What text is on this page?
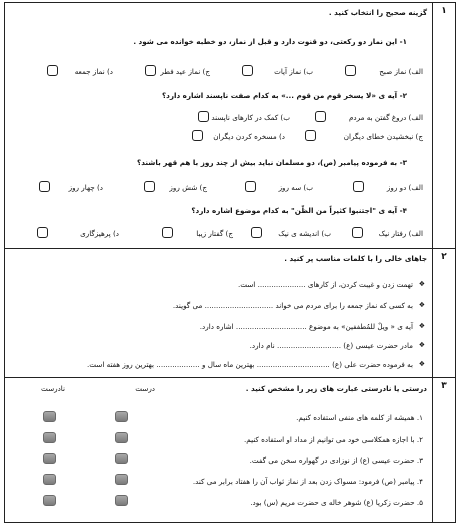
۱
۲
۳
گزینه صحیح را انتخاب کنید .
۱- این نماز دو رکعتی، دو قنوت دارد و قبل از نماز، دو خطبه خوانده می شود .
الف) نماز صبح
ب) نماز آیات
ج) نماز عید فطر
د) نماز جمعه
۲- آیه ی «لا یسخر قوم من قوم ...» به کدام صفت ناپسند اشاره دارد؟
الف) دروغ گفتن به مردم
ب) کمک در کارهای ناپسند
ج) نبخشیدن خطای دیگران
د) مسخره کردن دیگران
۳- به فرموده پیامبر (ص)، دو مسلمان نباید بیش از چند روز با هم قهر باشند؟
الف) دو روز
ب) سه روز
ج) شش روز
د) چهار روز
۴- آیه ی "اجتنبوا کثیراً من الظّن" به کدام موضوع اشاره دارد؟
الف) رفتار نیک
ب) اندیشه ی نیک
ج) گفتار زیبا
د) پرهیزگاری
جاهای خالی را با کلمات مناسب پر کنید .
❖
تهمت زدن و غیبت کردن، از کارهای ..................... است.
❖
به کسی که نماز جمعه را برای مردم می خواند .............................. می گویند.
❖
آیه ی « ویلٌ للمُطففین» به موضوع ............................... اشاره دارد.
❖
مادر حضرت عیسی (ع) ............................ نام دارد.
❖
به فرموده حضرت علی (ع) ................................ بهترین ماه سال و ................... بهترین روز هفته است.
درستی یا نادرستی عبارت های زیر را مشخص کنید .
درست
نادرست
۱. همیشه از کلمه های منفی استفاده کنیم.
۲. با اجازه همکلاسی خود می توانیم از مداد او استفاده کنیم.
۳. حضرت عیسی (ع) از نوزادی در گهواره سخن می گفت.
۴. پیامبر (ص) فرمود: مسواک زدن بعد از نماز ثواب آن را هفتاد برابر می کند.
۵. حضرت زکریا (ع) شوهر خاله ی حضرت مریم (س) بود.
